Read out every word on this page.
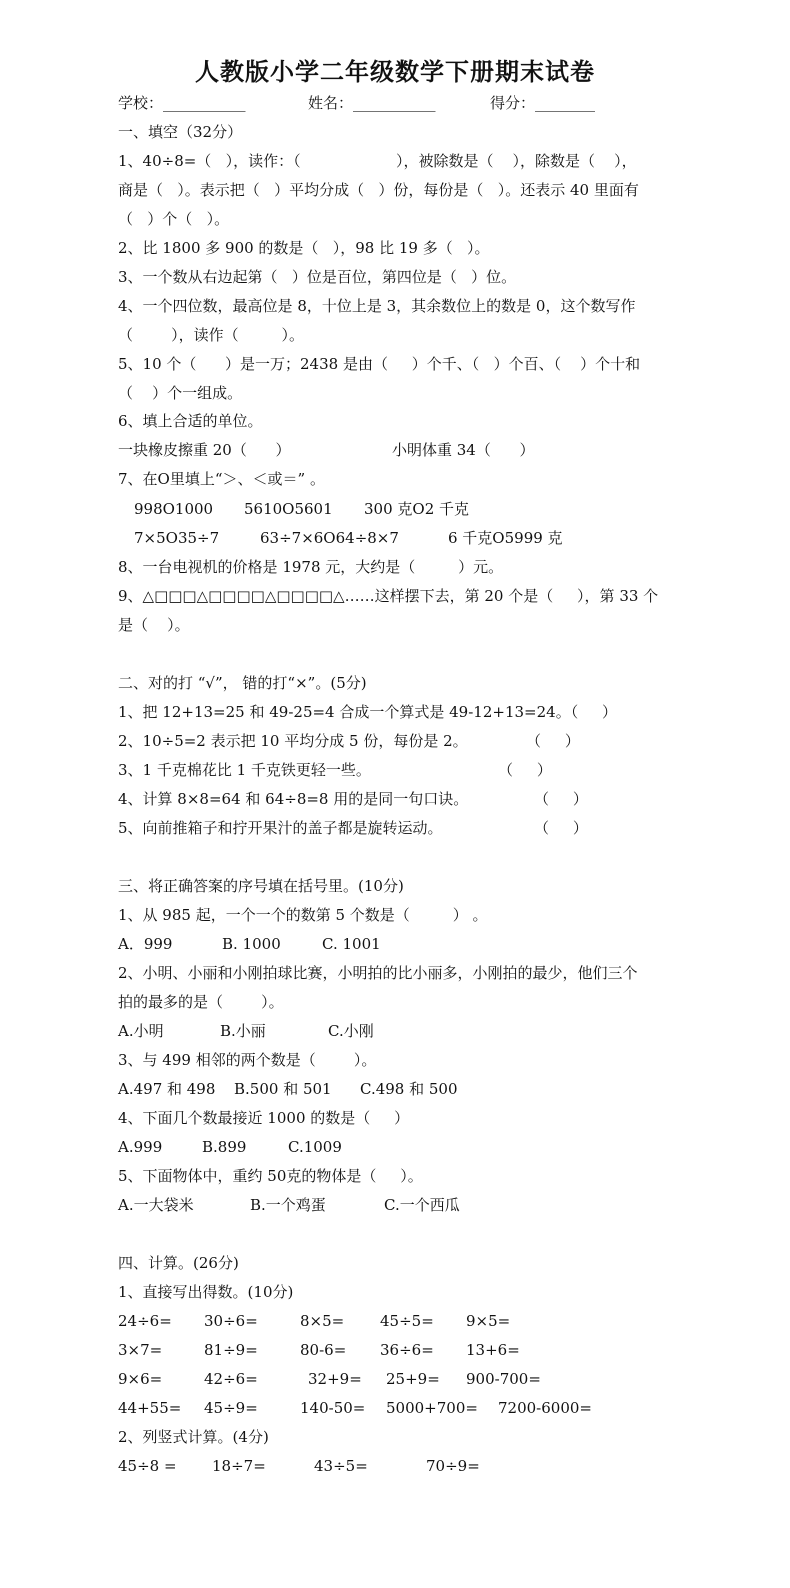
人教版小学二年级数学下册期末试卷
学校：___________	姓名：___________	得分：________
一、填空（32分）
1、40÷8=（   ），读作：（                    ），被除数是（    ），除数是（    ），
商是（   ）。表示把（   ）平均分成（   ）份，每份是（   ）。还表示 40 里面有
（   ）个（   ）。
2、比 1800 多 900 的数是（   ），98 比 19 多（   ）。
3、一个数从右边起第（   ）位是百位，第四位是（   ）位。
4、一个四位数，最高位是 8，十位上是 3，其余数位上的数是 0，这个数写作
（        ），读作（         ）。
5、10 个（      ）是一万；2438 是由（     ）个千、（   ）个百、（    ）个十和
（    ）个一组成。
6、填上合适的单位。
一块橡皮擦重 20（      ）	小明体重 34（      ）
7、在O里填上“＞、＜或＝” 。
998O1000 5610O5601 300 克O2 千克
7×5O35÷7	63÷7×6O64÷8×7	6 千克O5999 克
8、一台电视机的价格是 1978 元，大约是（         ）元。
9、△□□□△□□□□△□□□□△……这样摆下去，第 20 个是（     ），第 33 个
是（    ）。
二、对的打 “√”， 错的打“×”。(5分)
1、把 12+13=25 和 49-25=4 合成一个算式是 49-12+13=24。（     ）
2、10÷5=2 表示把 10 平均分成 5 份，每份是 2。	（     ）
3、1 千克棉花比 1 千克铁更轻一些。	（     ）
4、计算 8×8=64 和 64÷8=8 用的是同一句口诀。	（     ）
5、向前推箱子和拧开果汁的盖子都是旋转运动。	（     ）
三、将正确答案的序号填在括号里。(10分)
1、从 985 起，一个一个的数第 5 个数是（         ） 。
A．999	B. 1000	C. 1001
2、小明、小丽和小刚拍球比赛，小明拍的比小丽多，小刚拍的最少，他们三个
拍的最多的是（        ）。
A.小明	B.小丽	C.小刚
3、与 499 相邻的两个数是（        ）。
A.497 和 498 B.500 和 501 C.498 和 500
4、下面几个数最接近 1000 的数是（     ）
A.999	B.899	C.1009
5、下面物体中，重约 50克的物体是（     ）。
A.一大袋米	B.一个鸡蛋	C.一个西瓜
四、计算。(26分)
1、直接写出得数。(10分)
24÷6= 30÷6=	8×5= 45÷5= 9×5=
3×7=	81÷9=	80-6= 36÷6= 13+6=
9×6=	42÷6=	32+9= 25+9= 900-700=
44+55= 45÷9=	140-50= 5000+700= 7200-6000=
2、列竖式计算。(4分)
45÷8 = 18÷7=	43÷5=	70÷9=
